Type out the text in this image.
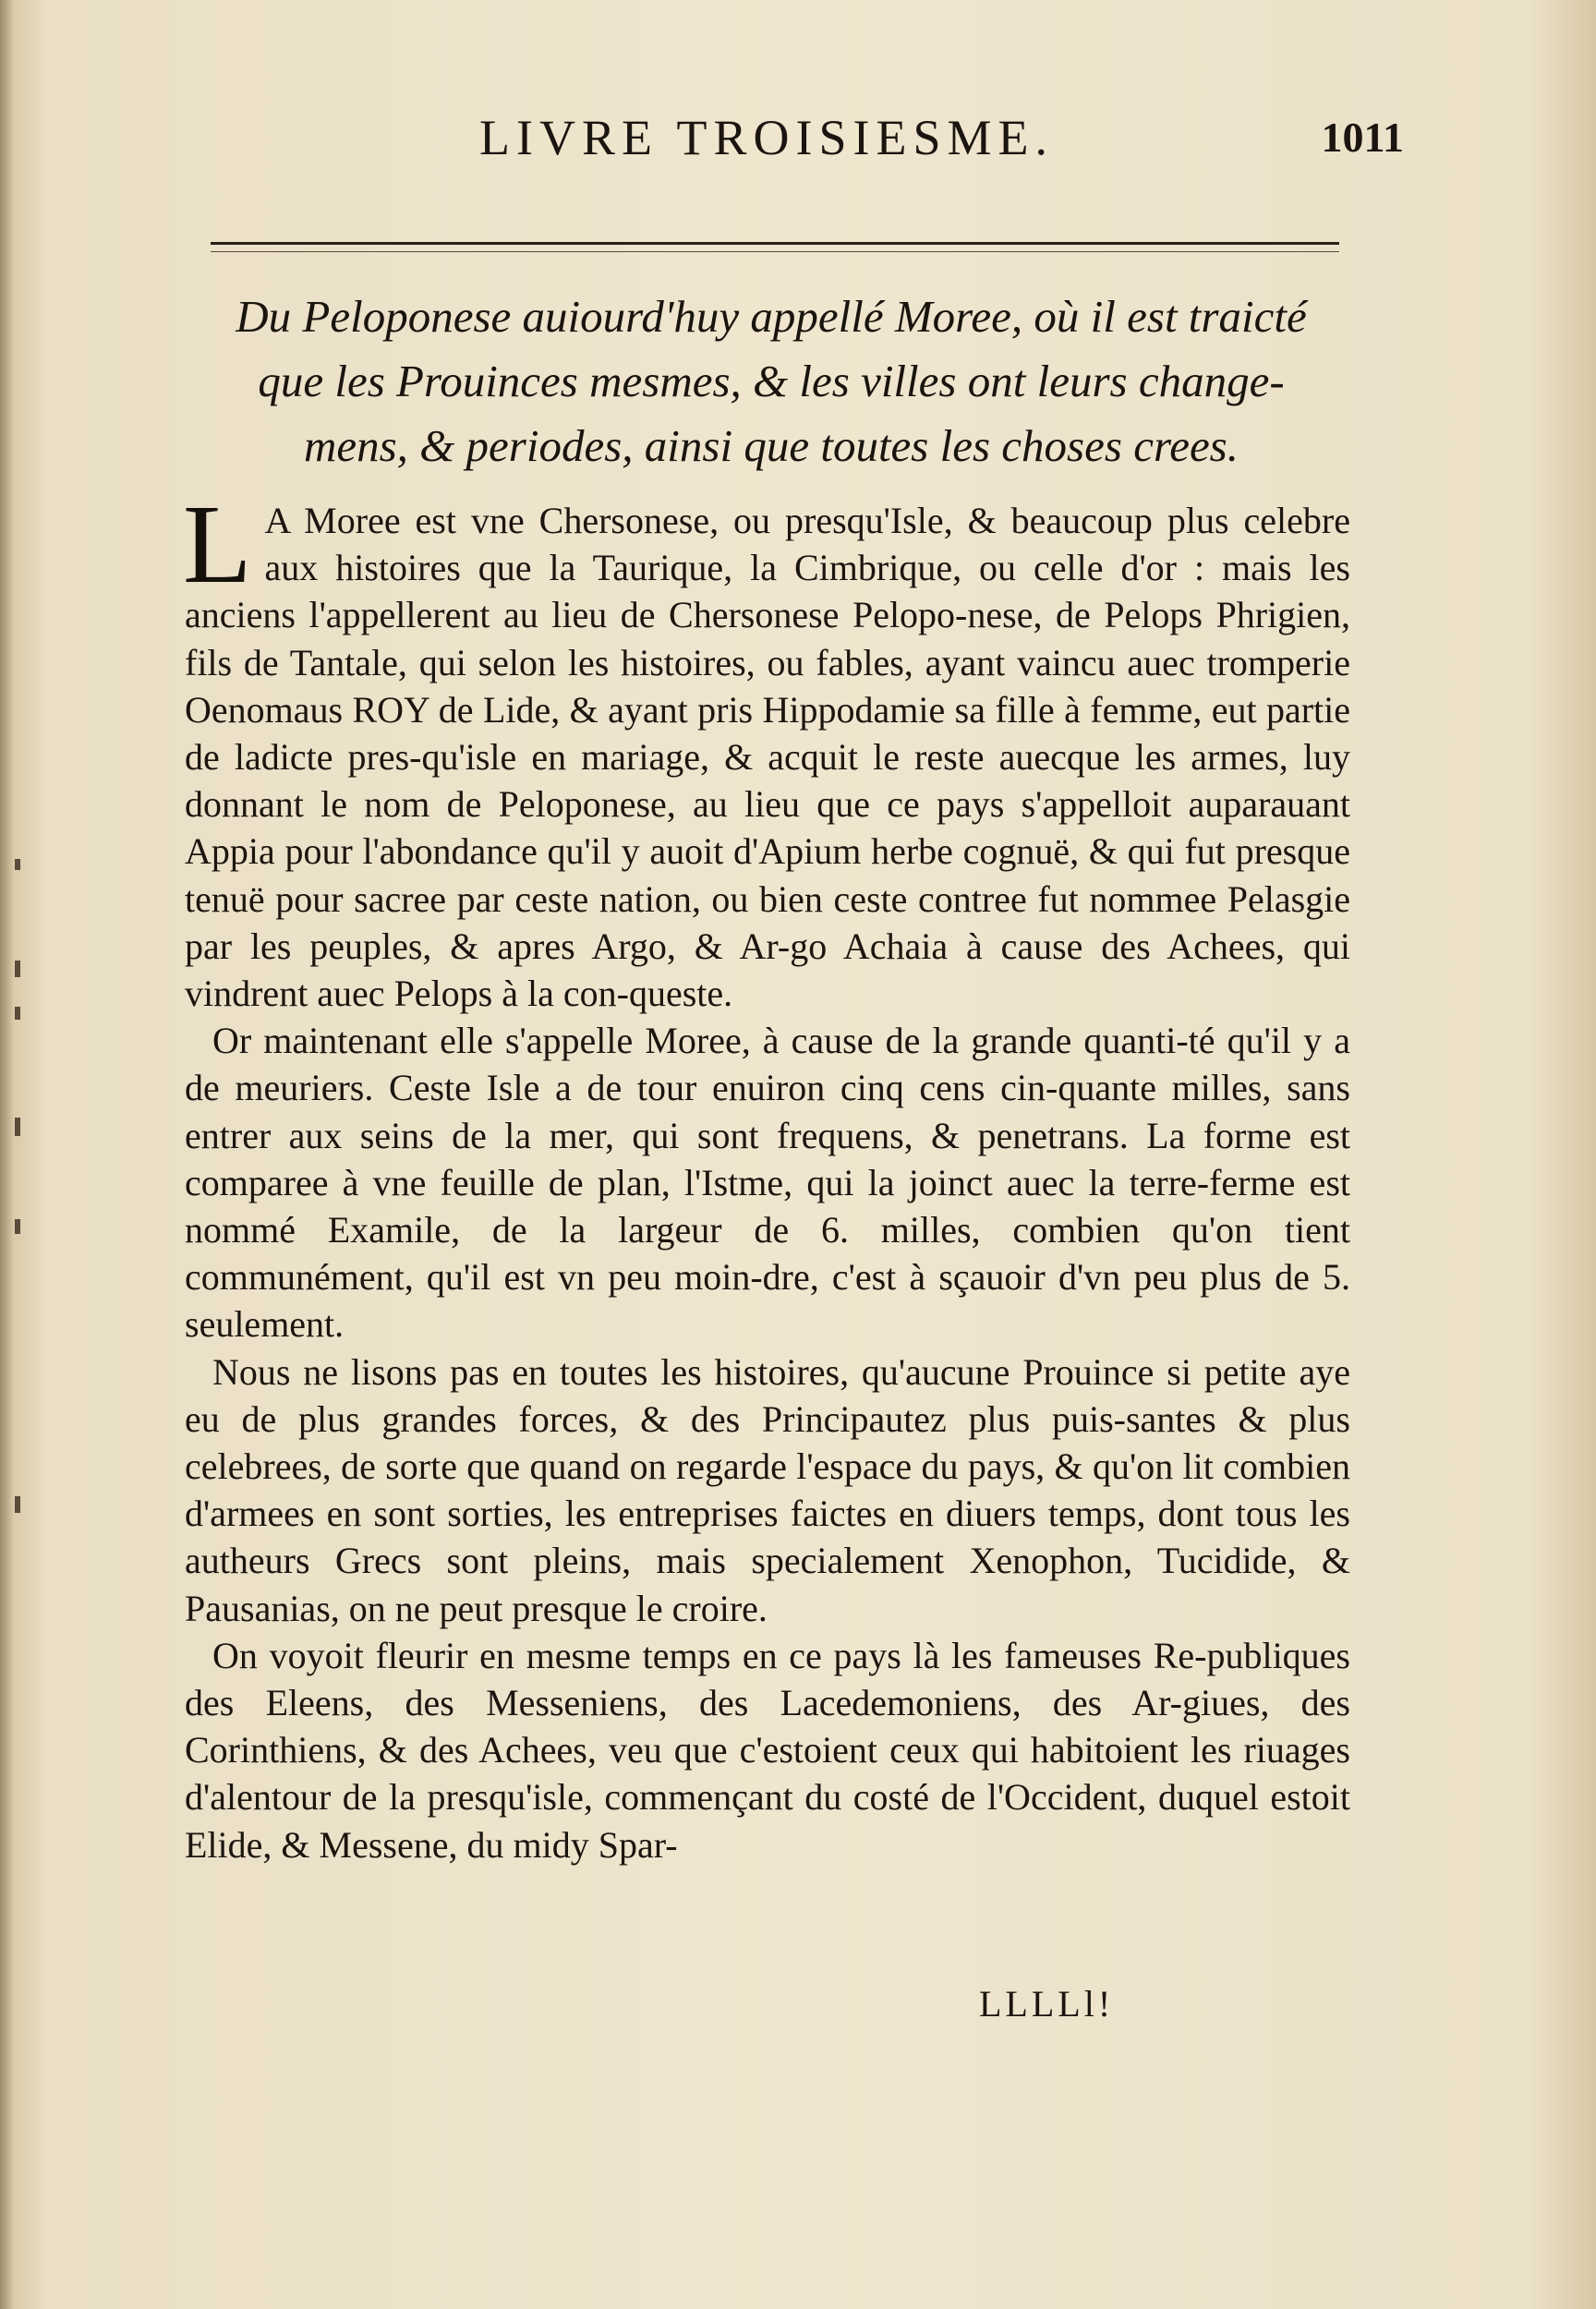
LIVRE TROISIESME.	1011
Du Peloponese auiourd'huy appellé Moree, où il est traicté
que les Prouinces mesmes, & les villes ont leurs change-
mens, & periodes, ainsi que toutes les choses crees.

L A Moree est vne Chersonese, ou presqu'Isle, & beaucoup plus celebre aux histoires que la Taurique, la Cimbrique, ou celle d'or : mais les anciens l'appellerent au lieu de Chersonese Pelopo-nese, de Pelops Phrigien, fils de Tantale, qui selon les histoires, ou fables, ayant vaincu auec tromperie Oenomaus ROY de Lide, & ayant pris Hippodamie sa fille à femme, eut partie de ladicte pres-qu'isle en mariage, & acquit le reste auecque les armes, luy donnant le nom de Peloponese, au lieu que ce pays s'appelloit auparauant Appia pour l'abondance qu'il y auoit d'Apium herbe cognuë, & qui fut presque tenuë pour sacree par ceste nation, ou bien ceste contree fut nommee Pelasgie par les peuples, & apres Argo, & Ar-go Achaia à cause des Achees, qui vindrent auec Pelops à la con-queste.

Or maintenant elle s'appelle Moree, à cause de la grande quanti-té qu'il y a de meuriers. Ceste Isle a de tour enuiron cinq cens cin-quante milles, sans entrer aux seins de la mer, qui sont frequens, & penetrans. La forme est comparee à vne feuille de plan, l'Istme, qui la joinct auec la terre-ferme est nommé Examile, de la largeur de 6. milles, combien qu'on tient communément, qu'il est vn peu moin-dre, c'est à sçauoir d'vn peu plus de 5. seulement.

Nous ne lisons pas en toutes les histoires, qu'aucune Prouince si petite aye eu de plus grandes forces, & des Principautez plus puis-santes & plus celebrees, de sorte que quand on regarde l'espace du pays, & qu'on lit combien d'armees en sont sorties, les entreprises faictes en diuers temps, dont tous les autheurs Grecs sont pleins, mais specialement Xenophon, Tucidide, & Pausanias, on ne peut presque le croire.

On voyoit fleurir en mesme temps en ce pays là les fameuses Re-publiques des Eleens, des Messeniens, des Lacedemoniens, des Ar-giues, des Corinthiens, & des Achees, veu que c'estoient ceux qui habitoient les riuages d'alentour de la presqu'isle, commençant du costé de l'Occident, duquel estoit Elide, & Messene, du midy Spar-

LLLLl!
